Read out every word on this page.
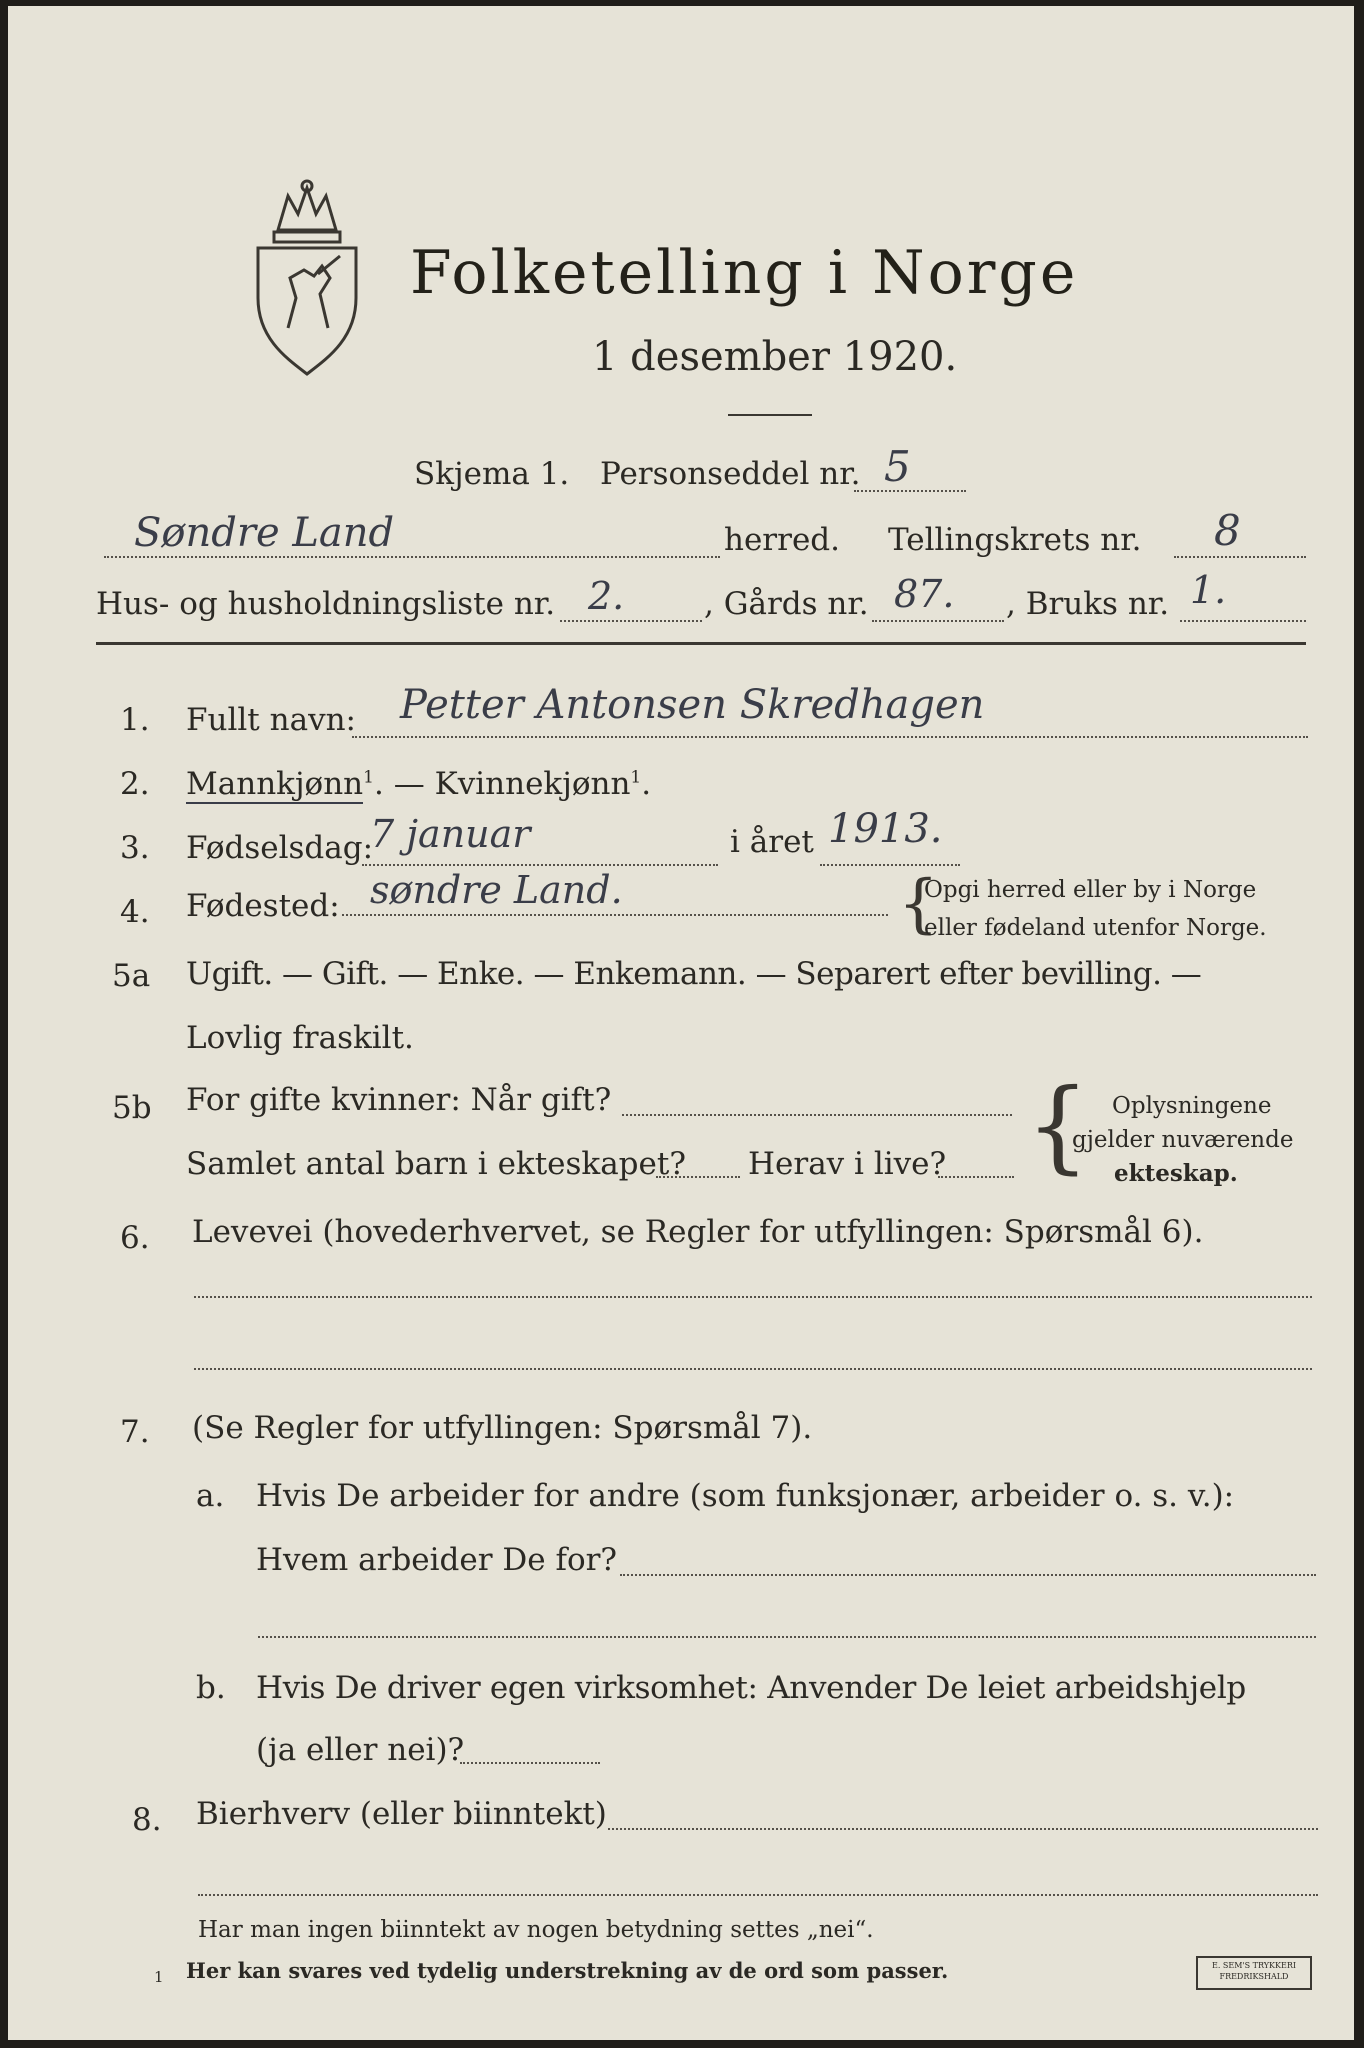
Folketelling i Norge
1 desember 1920.
Skjema 1. Personseddel nr. 5
Søndre Land	herred. Tellingskrets nr. 8
Hus- og husholdningsliste nr. 2.	, Gårds nr. 87. , Bruks nr. 1.
1. Fullt navn: Petter Antonsen Skredhagen
2. Mannkjønn$^1$. — Kvinnekjønn$^1$.
3. Fødselsdag:
7 januar	i året 1913.
4. Fødested: søndre Land.	{
Opgi herred eller by i Norge
eller fødeland utenfor Norge.
5a Ugift. — Gift. — Enke. — Enkemann. — Separert efter bevilling. —
Lovlig fraskilt.
5b For gifte kvinner: Når gift?
Samlet antal barn i ekteskapet? Herav i live? { Oplysningene
gjelder nuværende
ekteskap.
6. Levevei (hovederhvervet, se Regler for utfyllingen: Spørsmål 6).
7. (Se Regler for utfyllingen: Spørsmål 7).
a. Hvis De arbeider for andre (som funksjonær, arbeider o. s. v.):
Hvem arbeider De for?
b. Hvis De driver egen virksomhet: Anvender De leiet arbeidshjelp
(ja eller nei)?
8. Bierhverv (eller biinntekt)
Har man ingen biinntekt av nogen betydning settes „nei“.
1 Her kan svares ved tydelig understrekning av de ord som passer.	E. SEM'S TRYKKERI
FREDRIKSHALD
